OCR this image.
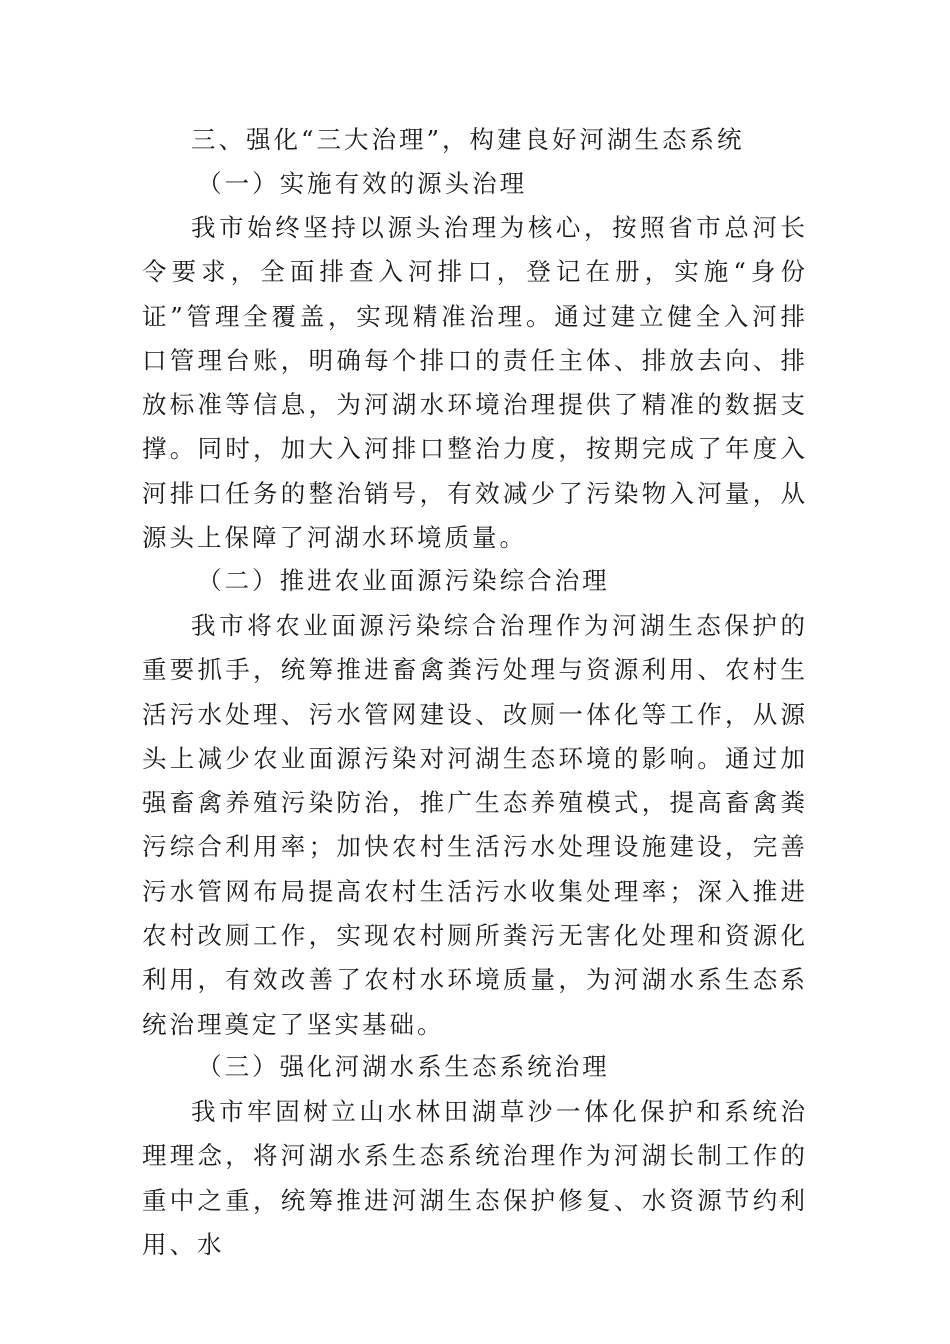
三、强化“三大治理”，构建良好河湖生态系统

（一）实施有效的源头治理

我市始终坚持以源头治理为核心，按照省市总河长令要求，全面排查入河排口，登记在册，实施“身份证”管理全覆盖，实现精准治理。通过建立健全入河排口管理台账，明确每个排口的责任主体、排放去向、排放标准等信息，为河湖水环境治理提供了精准的数据支撑。同时，加大入河排口整治力度，按期完成了年度入河排口任务的整治销号，有效减少了污染物入河量，从源头上保障了河湖水环境质量。

（二）推进农业面源污染综合治理

我市将农业面源污染综合治理作为河湖生态保护的重要抓手，统筹推进畜禽粪污处理与资源利用、农村生活污水处理、污水管网建设、改厕一体化等工作，从源头上减少农业面源污染对河湖生态环境的影响。通过加强畜禽养殖污染防治，推广生态养殖模式，提高畜禽粪污综合利用率；加快农村生活污水处理设施建设，完善污水管网布局提高农村生活污水收集处理率；深入推进农村改厕工作，实现农村厕所粪污无害化处理和资源化利用，有效改善了农村水环境质量，为河湖水系生态系统治理奠定了坚实基础。

（三）强化河湖水系生态系统治理

我市牢固树立山水林田湖草沙一体化保护和系统治理理念，将河湖水系生态系统治理作为河湖长制工作的重中之重，统筹推进河湖生态保护修复、水资源节约利用、水
